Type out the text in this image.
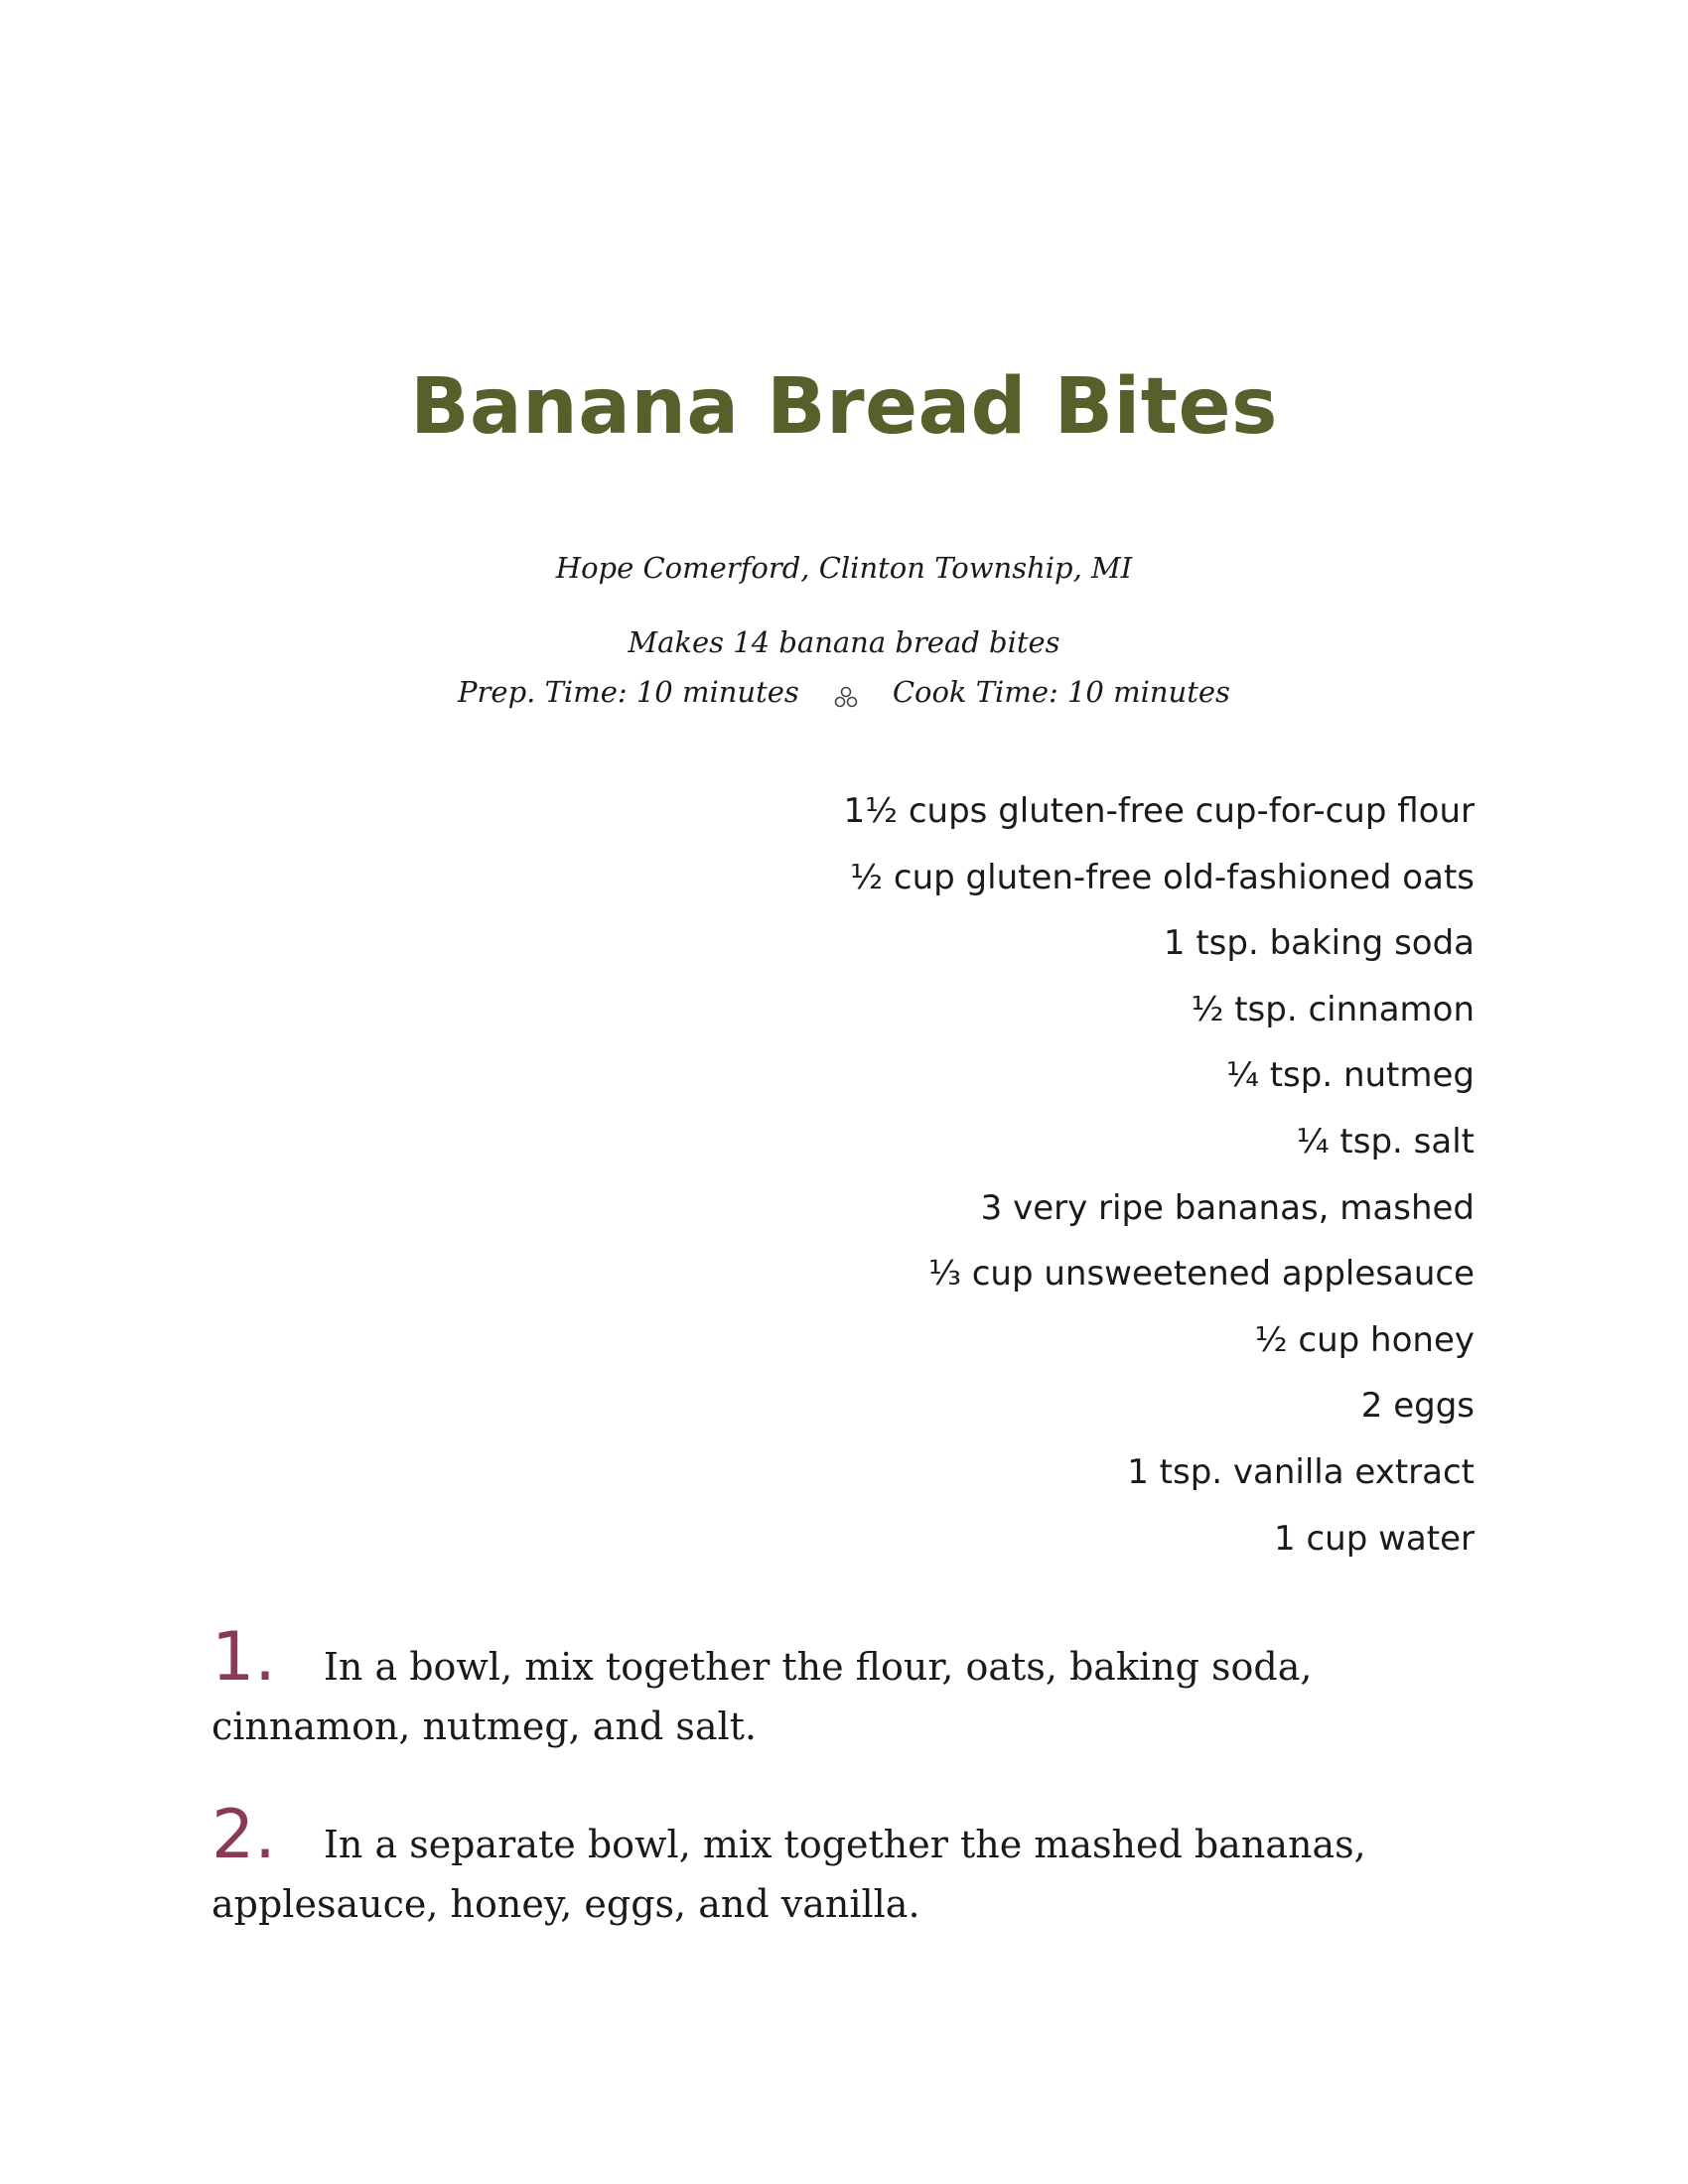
Banana Bread Bites

Hope Comerford, Clinton Township, MI

Makes 14 banana bread bites

Prep. Time: 10 minutes	Cook Time: 10 minutes
1½ cups gluten-free cup-for-cup flour
½ cup gluten-free old-fashioned oats
1 tsp. baking soda
½ tsp. cinnamon
¼ tsp. nutmeg
¼ tsp. salt
3 very ripe bananas, mashed
⅓ cup unsweetened applesauce
½ cup honey
2 eggs
1 tsp. vanilla extract
1 cup water
1. In a bowl, mix together the flour, oats, baking soda, cinnamon, nutmeg, and salt.
2. In a separate bowl, mix together the mashed bananas, applesauce, honey, eggs, and vanilla.
